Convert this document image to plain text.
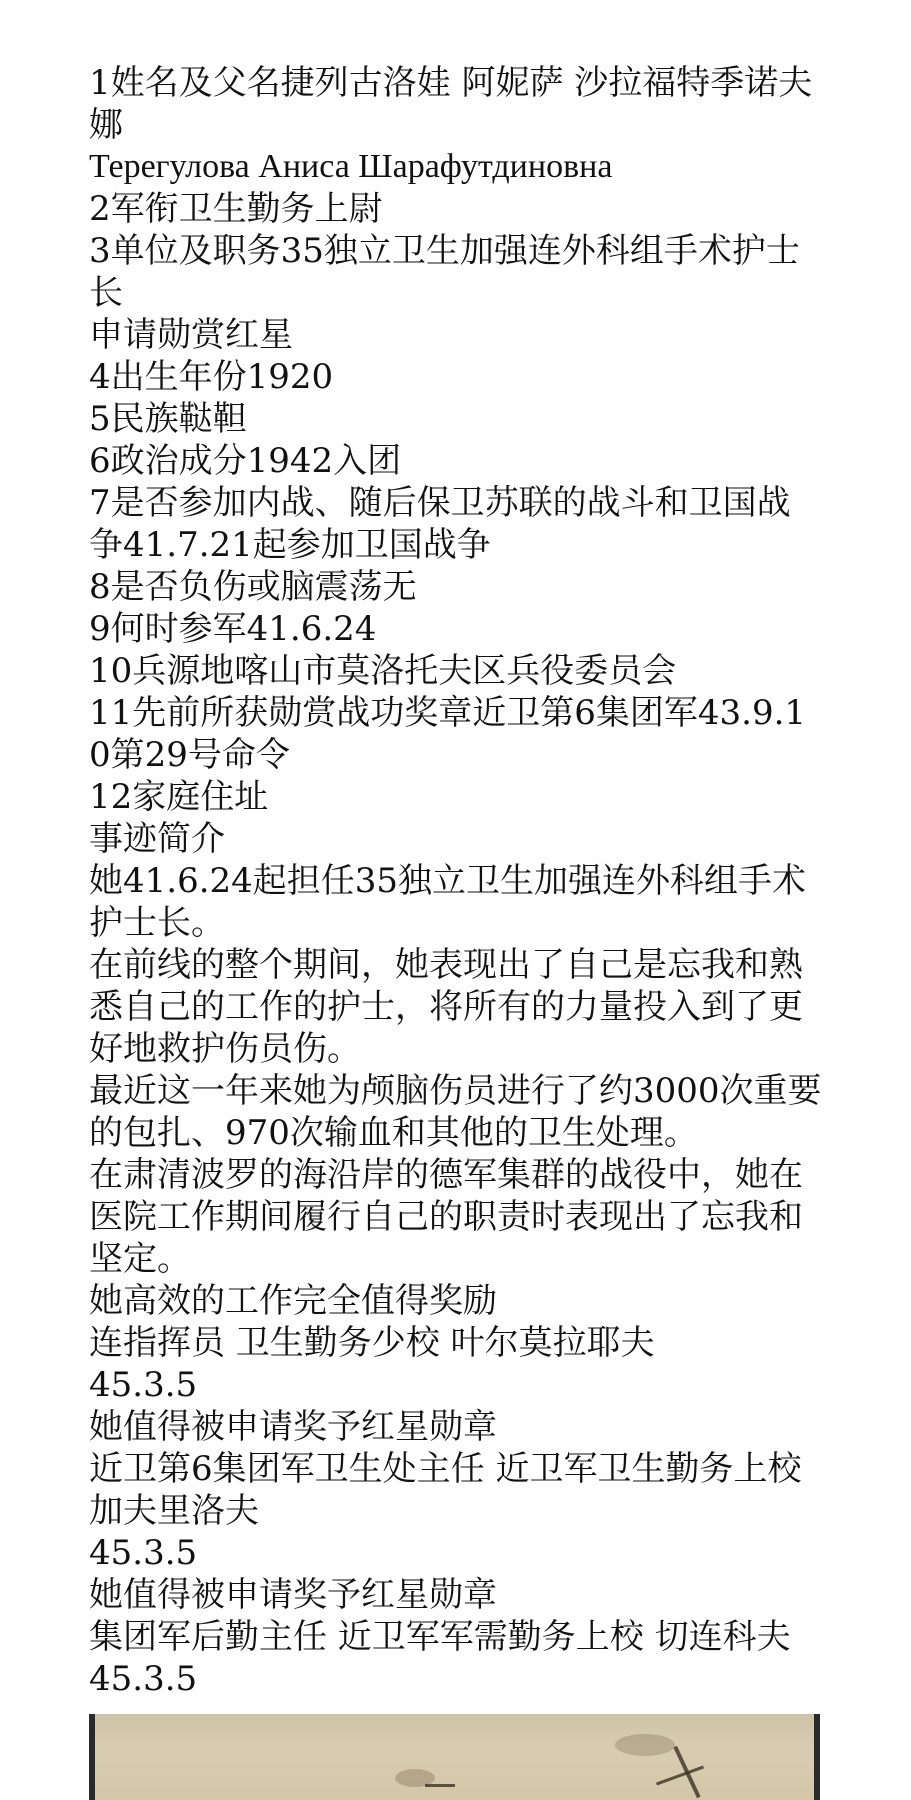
1姓名及父名捷列古洛娃 阿妮萨 沙拉福特季诺夫娜

Терегулова Аниса Шарафутдиновна

2军衔卫生勤务上尉

3单位及职务35独立卫生加强连外科组手术护士长

申请勋赏红星

4出生年份1920

5民族鞑靼

6政治成分1942入团

7是否参加内战、随后保卫苏联的战斗和卫国战争41.7.21起参加卫国战争

8是否负伤或脑震荡无

9何时参军41.6.24

10兵源地喀山市莫洛托夫区兵役委员会

11先前所获勋赏战功奖章近卫第6集团军43.9.10第29号命令

12家庭住址

事迹简介

她41.6.24起担任35独立卫生加强连外科组手术护士长。

在前线的整个期间，她表现出了自己是忘我和熟悉自己的工作的护士，将所有的力量投入到了更好地救护伤员伤。

最近这一年来她为颅脑伤员进行了约3000次重要的包扎、970次输血和其他的卫生处理。

在肃清波罗的海沿岸的德军集群的战役中，她在医院工作期间履行自己的职责时表现出了忘我和坚定。

她高效的工作完全值得奖励

连指挥员 卫生勤务少校 叶尔莫拉耶夫

45.3.5

她值得被申请奖予红星勋章

近卫第6集团军卫生处主任 近卫军卫生勤务上校 加夫里洛夫

45.3.5

她值得被申请奖予红星勋章

集团军后勤主任 近卫军军需勤务上校 切连科夫

45.3.5
